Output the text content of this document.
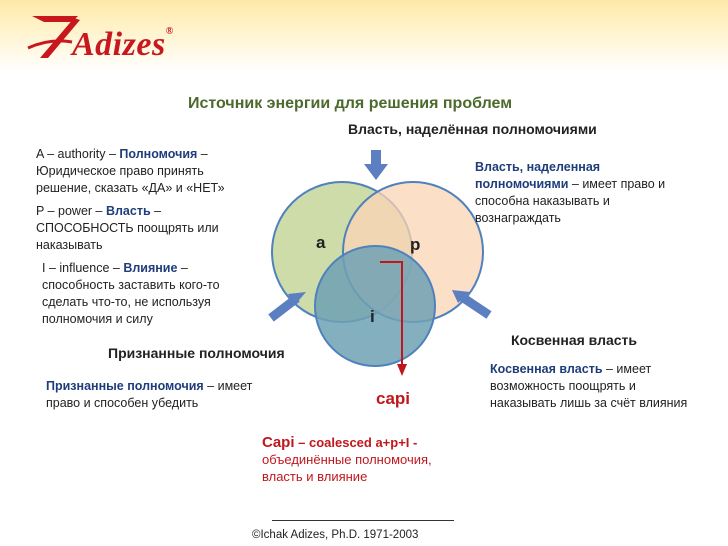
Adizes®
Источник энергии для решения проблем
Власть, наделённая полномочиями
a	p
i
A – authority – Полномочия – Юридическое право принять решение, сказать «ДА» и «НЕТ»
P – power – Власть – СПОСОБНОСТЬ поощрять или наказывать
I – influence – Влияние – способность заставить кого-то сделать что-то, не используя полномочия и силу
Власть, наделенная полномочиями – имеет право и способна наказывать и вознаграждать
capi
Признанные полномочия
Признанные полномочия – имеет право и способен убедить
Косвенная власть
Косвенная власть – имеет возможность поощрять и наказывать лишь за счёт влияния
Capi – coalesced a+p+I - объединённые полномочия, власть и влияние
©Ichak Adizes, Ph.D. 1971-2003
